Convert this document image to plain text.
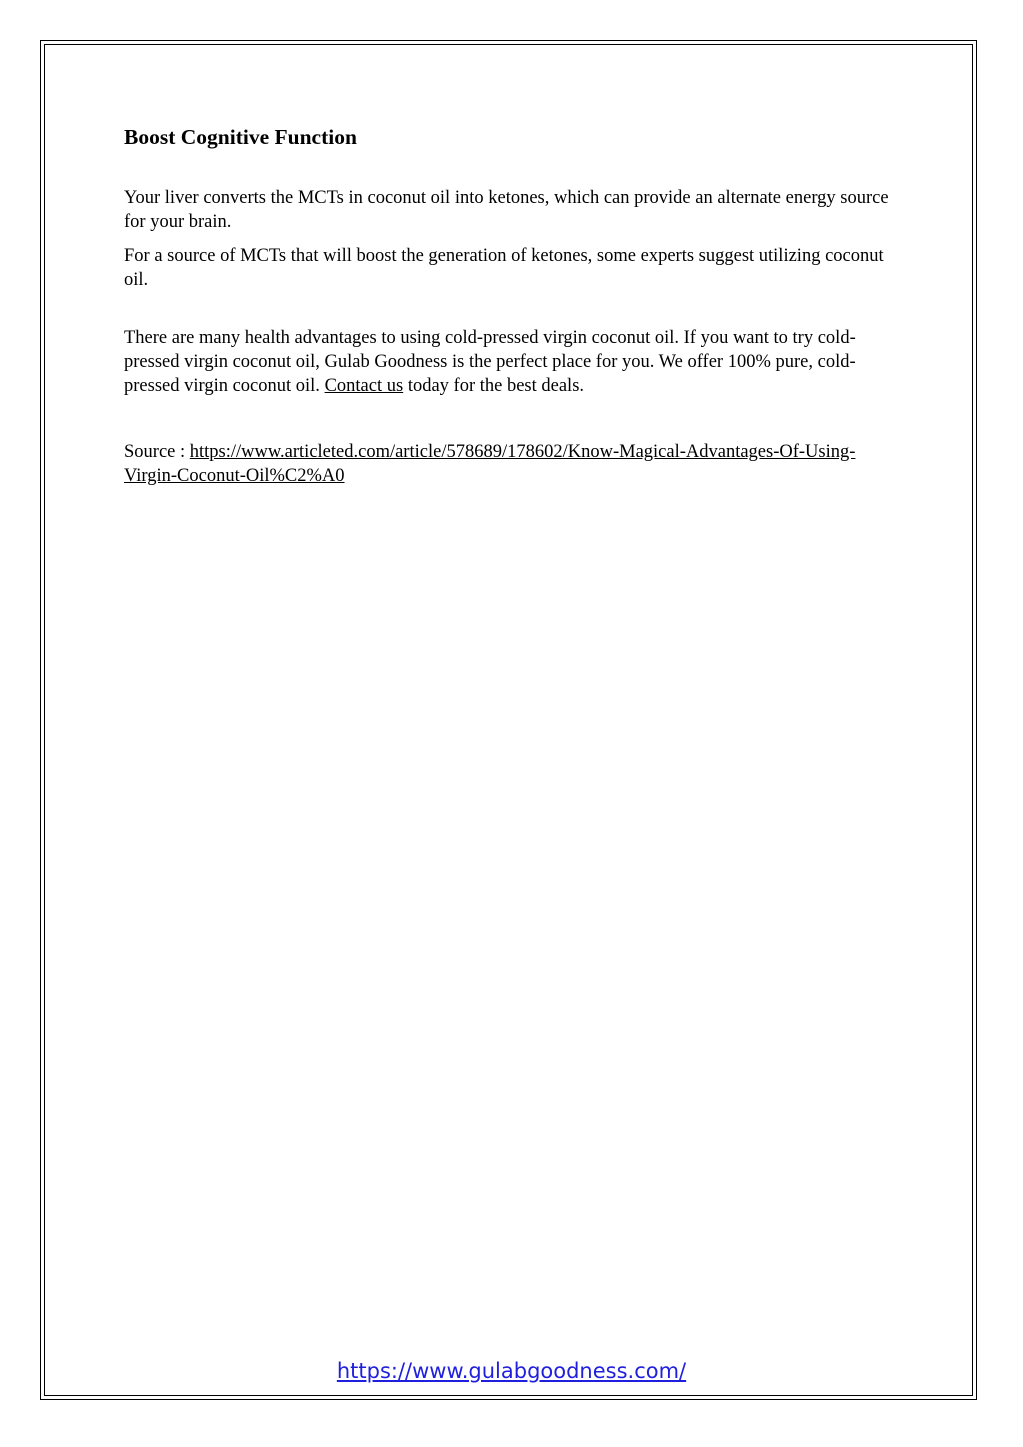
Boost Cognitive Function

Your liver converts the MCTs in coconut oil into ketones, which can provide an alternate energy source for your brain.

For a source of MCTs that will boost the generation of ketones, some experts suggest utilizing coconut oil.

There are many health advantages to using cold-pressed virgin coconut oil. If you want to try cold-pressed virgin coconut oil, Gulab Goodness is the perfect place for you. We offer 100% pure, cold-pressed virgin coconut oil. Contact us today for the best deals.

Source : https://www.articleted.com/article/578689/178602/Know-Magical-Advantages-Of-Using-Virgin-Coconut-Oil%C2%A0

https://www.gulabgoodness.com/
